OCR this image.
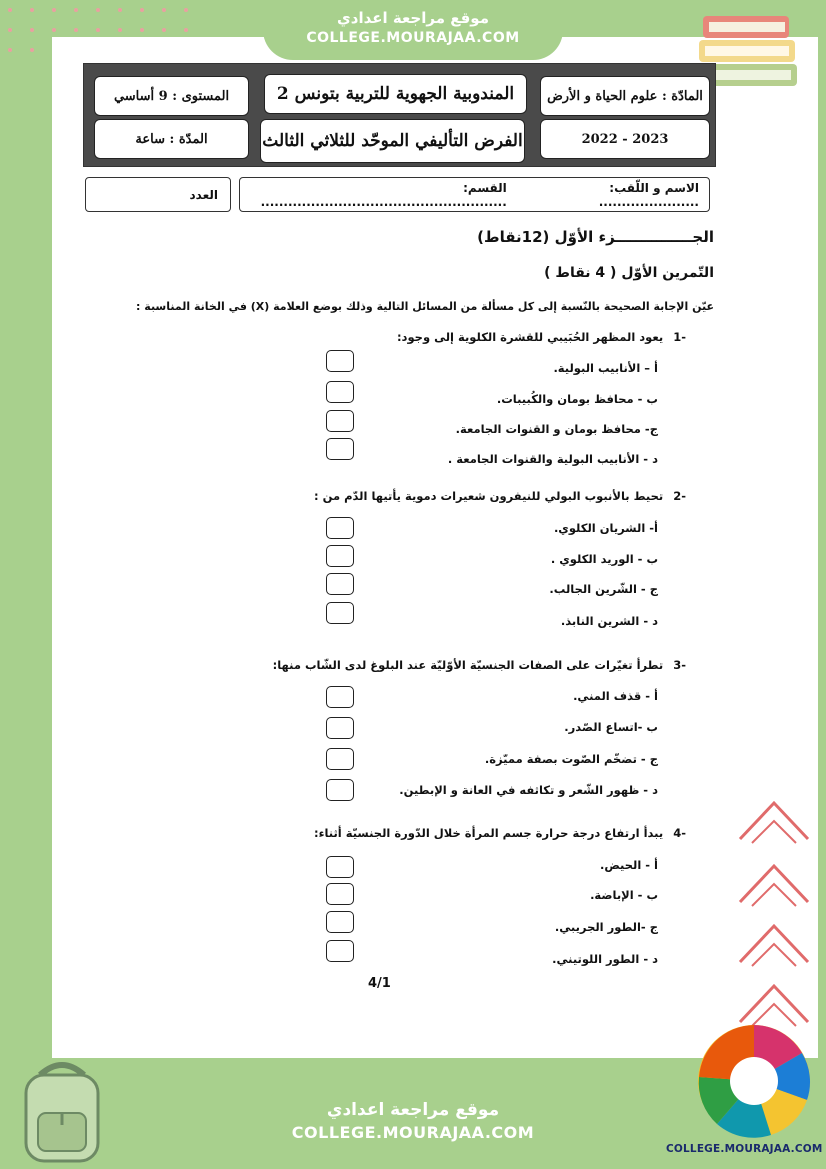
موقع مراجعة اعدادي
COLLEGE.MOURAJAA.COM
المادّة : علوم الحياة و الأرض
2023 - 2022
المندوبية الجهوية للتربية بتونس 2
الفرض التأليفي الموحّد للثلاثي الثالث
المستوى : 9 أساسي
المدّة : ساعة
الاسم و اللّقب: ......................
القسم: ......................................................
العدد
الجـــــــــــــــزء الأوّل (12نقاط)
التّمرين الأوّل ( 4 نقاط )
عيّن الإجابة الصحيحة بالنّسبة إلى كل مسألة من المسائل التالية وذلك بوضع العلامة (X) في الخانة المناسبة :
-1يعود المظهر الحُبَيبي للقشرة الكلوية إلى وجود:
أ – الأنابيب البولية.
ب - محافظ بومان والكُبيبات.
ج- محافظ بومان و القنوات الجامعة.
د - الأنابيب البولية والقنوات الجامعة .
-2تحيط بالأنبوب البولي للنيفرون شعيرات دموية يأتيها الدّم من :
أ- الشريان الكلوي.
ب - الوريد الكلوي .
ج - الشّرين الجالب.
د - الشرين النابذ.
-3تطرأ تغيّرات على الصفات الجنسيّة الأوّليّة عند البلوغ لدى الشّاب منها:
أ - قذف المني.
ب -اتساع الصّدر.
ج - تضخّم الصّوت بصفة مميّزة.
د - ظهور الشّعر و تكاثفه في العانة و الإبطين.
-4يبدأ ارتفاع درجة حرارة جسم المرأة خلال الدّورة الجنسيّة أثناء:
أ - الحيض.
ب - الإباضة.
ج -الطور الجريبي.
د - الطور اللوتيني.
4/1
موقع مراجعة اعدادي
COLLEGE.MOURAJAA.COM
COLLEGE.MOURAJAA.COM
